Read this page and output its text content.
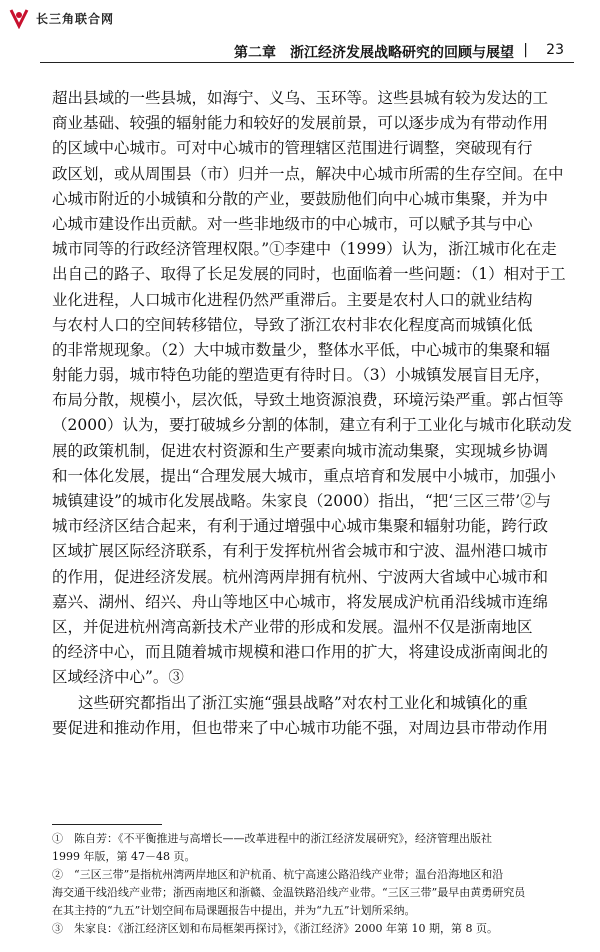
长三角联合网
第二章　浙江经济发展战略研究的回顾与展望 | 23
超出县域的一些县城，如海宁、义乌、玉环等。这些县城有较为发达的工
商业基础、较强的辐射能力和较好的发展前景，可以逐步成为有带动作用
的区域中心城市。可对中心城市的管理辖区范围进行调整，突破现有行
政区划，或从周围县（市）归并一点，解决中心城市所需的生存空间。在中
心城市附近的小城镇和分散的产业，要鼓励他们向中心城市集聚，并为中
心城市建设作出贡献。对一些非地级市的中心城市，可以赋予其与中心
城市同等的行政经济管理权限。”①李建中（1999）认为，浙江城市化在走
出自己的路子、取得了长足发展的同时，也面临着一些问题：（1）相对于工
业化进程，人口城市化进程仍然严重滞后。主要是农村人口的就业结构
与农村人口的空间转移错位，导致了浙江农村非农化程度高而城镇化低
的非常规现象。（2）大中城市数量少，整体水平低，中心城市的集聚和辐
射能力弱，城市特色功能的塑造更有待时日。（3）小城镇发展盲目无序，
布局分散，规模小，层次低，导致土地资源浪费，环境污染严重。郭占恒等
（2000）认为，要打破城乡分割的体制，建立有利于工业化与城市化联动发
展的政策机制，促进农村资源和生产要素向城市流动集聚，实现城乡协调
和一体化发展，提出“合理发展大城市，重点培育和发展中小城市，加强小
城镇建设”的城市化发展战略。朱家良（2000）指出，“把‘三区三带’②与
城市经济区结合起来，有利于通过增强中心城市集聚和辐射功能，跨行政
区域扩展区际经济联系，有利于发挥杭州省会城市和宁波、温州港口城市
的作用，促进经济发展。杭州湾两岸拥有杭州、宁波两大省域中心城市和
嘉兴、湖州、绍兴、舟山等地区中心城市，将发展成沪杭甬沿线城市连绵
区，并促进杭州湾高新技术产业带的形成和发展。温州不仅是浙南地区
的经济中心，而且随着城市规模和港口作用的扩大，将建设成浙南闽北的
区域经济中心”。③
这些研究都指出了浙江实施“强县战略”对农村工业化和城镇化的重
要促进和推动作用，但也带来了中心城市功能不强，对周边县市带动作用
①　陈自芳：《不平衡推进与高增长——改革进程中的浙江经济发展研究》，经济管理出版社
1999 年版，第 47－48 页。
②　“三区三带”是指杭州湾两岸地区和沪杭甬、杭宁高速公路沿线产业带；温台沿海地区和沿
海交通干线沿线产业带；浙西南地区和浙赣、金温铁路沿线产业带。“三区三带”最早由黄勇研究员
在其主持的“九五”计划空间布局课题报告中提出，并为“九五”计划所采纳。
③　朱家良：《浙江经济区划和布局框架再探讨》，《浙江经济》2000 年第 10 期，第 8 页。
